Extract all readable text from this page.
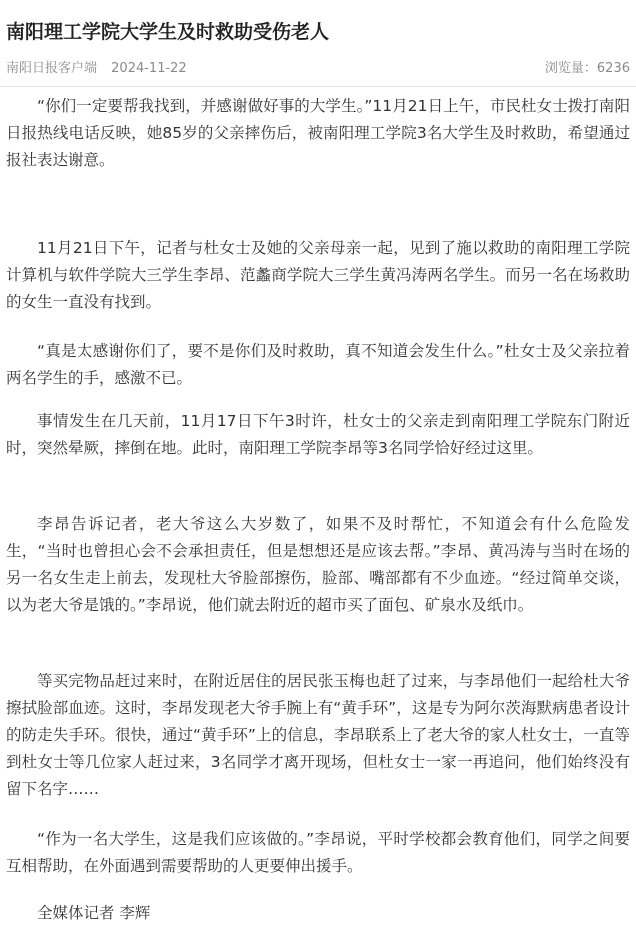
南阳理工学院大学生及时救助受伤老人
南阳日报客户端 2024-11-22	浏览量：6236

“你们一定要帮我找到，并感谢做好事的大学生。”11月21日上午，市民杜女士拨打南阳日报热线电话反映，她85岁的父亲摔伤后，被南阳理工学院3名大学生及时救助，希望通过报社表达谢意。

11月21日下午，记者与杜女士及她的父亲母亲一起，见到了施以救助的南阳理工学院计算机与软件学院大三学生李昂、范蠡商学院大三学生黄冯涛两名学生。而另一名在场救助的女生一直没有找到。

“真是太感谢你们了，要不是你们及时救助，真不知道会发生什么。”杜女士及父亲拉着两名学生的手，感激不已。

事情发生在几天前，11月17日下午3时许，杜女士的父亲走到南阳理工学院东门附近时，突然晕厥，摔倒在地。此时，南阳理工学院李昂等3名同学恰好经过这里。

李昂告诉记者，老大爷这么大岁数了，如果不及时帮忙，不知道会有什么危险发生，“当时也曾担心会不会承担责任，但是想想还是应该去帮。”李昂、黄冯涛与当时在场的另一名女生走上前去，发现杜大爷脸部擦伤，脸部、嘴部都有不少血迹。“经过简单交谈，以为老大爷是饿的。”李昂说，他们就去附近的超市买了面包、矿泉水及纸巾。

等买完物品赶过来时，在附近居住的居民张玉梅也赶了过来，与李昂他们一起给杜大爷擦拭脸部血迹。这时，李昂发现老大爷手腕上有“黄手环”，这是专为阿尔茨海默病患者设计的防走失手环。很快，通过“黄手环”上的信息，李昂联系上了老大爷的家人杜女士，一直等到杜女士等几位家人赶过来，3名同学才离开现场，但杜女士一家一再追问，他们始终没有留下名字……

“作为一名大学生，这是我们应该做的。”李昂说，平时学校都会教育他们，同学之间要互相帮助，在外面遇到需要帮助的人更要伸出援手。

全媒体记者 李辉
